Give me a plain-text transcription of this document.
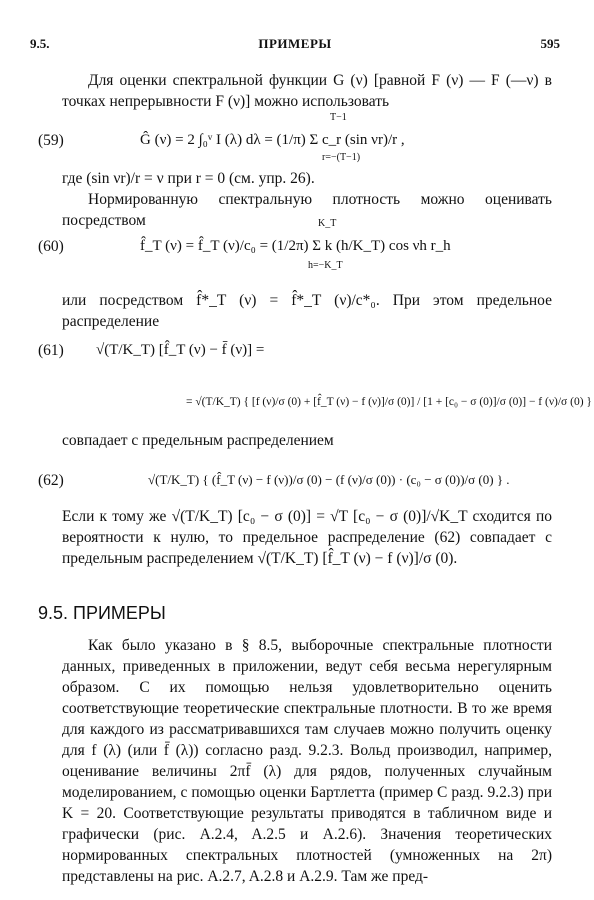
9.5.	ПРИМЕРЫ	595
Для оценки спектральной функции G (ν) [равной F (ν) — F (—ν) в точках непрерывности F (ν)] можно использовать
(59)	Ĝ (ν) = 2 ∫₀ᵛ I (λ) dλ = (1/π) Σ c_r (sin νr)/r ,
T−1
r=−(T−1)
где (sin νr)/r = ν при r = 0 (см. упр. 26).
Нормированную спектральную плотность можно оценивать посредством
(60)	f̂_T (ν) = f̂_T (ν)/c₀ = (1/2π) Σ k (h/K_T) cos νh r_h
K_T
h=−K_T
или посредством f̂*_T (ν) = f̂*_T (ν)/c*₀. При этом предельное распределение
(61) √(T/K_T) [f̂_T (ν) − f̄ (ν)] =
= √(T/K_T) { [f (ν)/σ (0) + [f̂_T (ν) − f (ν)]/σ (0)] / [1 + [c₀ − σ (0)]/σ (0)] − f (ν)/σ (0) }
совпадает с предельным распределением
(62)	√(T/K_T) { (f̂_T (ν) − f (ν))/σ (0) − (f (ν)/σ (0)) · (c₀ − σ (0))/σ (0) } .
Если к тому же √(T/K_T) [c₀ − σ (0)] = √T [c₀ − σ (0)]/√K_T сходится по вероятности к нулю, то предельное распределение (62) совпадает с предельным распределением √(T/K_T) [f̂_T (ν) − f (ν)]/σ (0).
9.5. ПРИМЕРЫ
Как было указано в § 8.5, выборочные спектральные плотности данных, приведенных в приложении, ведут себя весьма нерегулярным образом. С их помощью нельзя удовлетворительно оценить соответствующие теоретические спектральные плотности. В то же время для каждого из рассматривавшихся там случаев можно получить оценку для f (λ) (или f̄ (λ)) согласно разд. 9.2.3. Вольд производил, например, оценивание величины 2πf̄ (λ) для рядов, полученных случайным моделированием, с помощью оценки Бартлетта (пример С разд. 9.2.3) при K = 20. Соответствующие результаты приводятся в табличном виде и графически (рис. A.2.4, A.2.5 и A.2.6). Значения теоретических нормированных спектральных плотностей (умноженных на 2π) представлены на рис. A.2.7, A.2.8 и A.2.9. Там же пред-
